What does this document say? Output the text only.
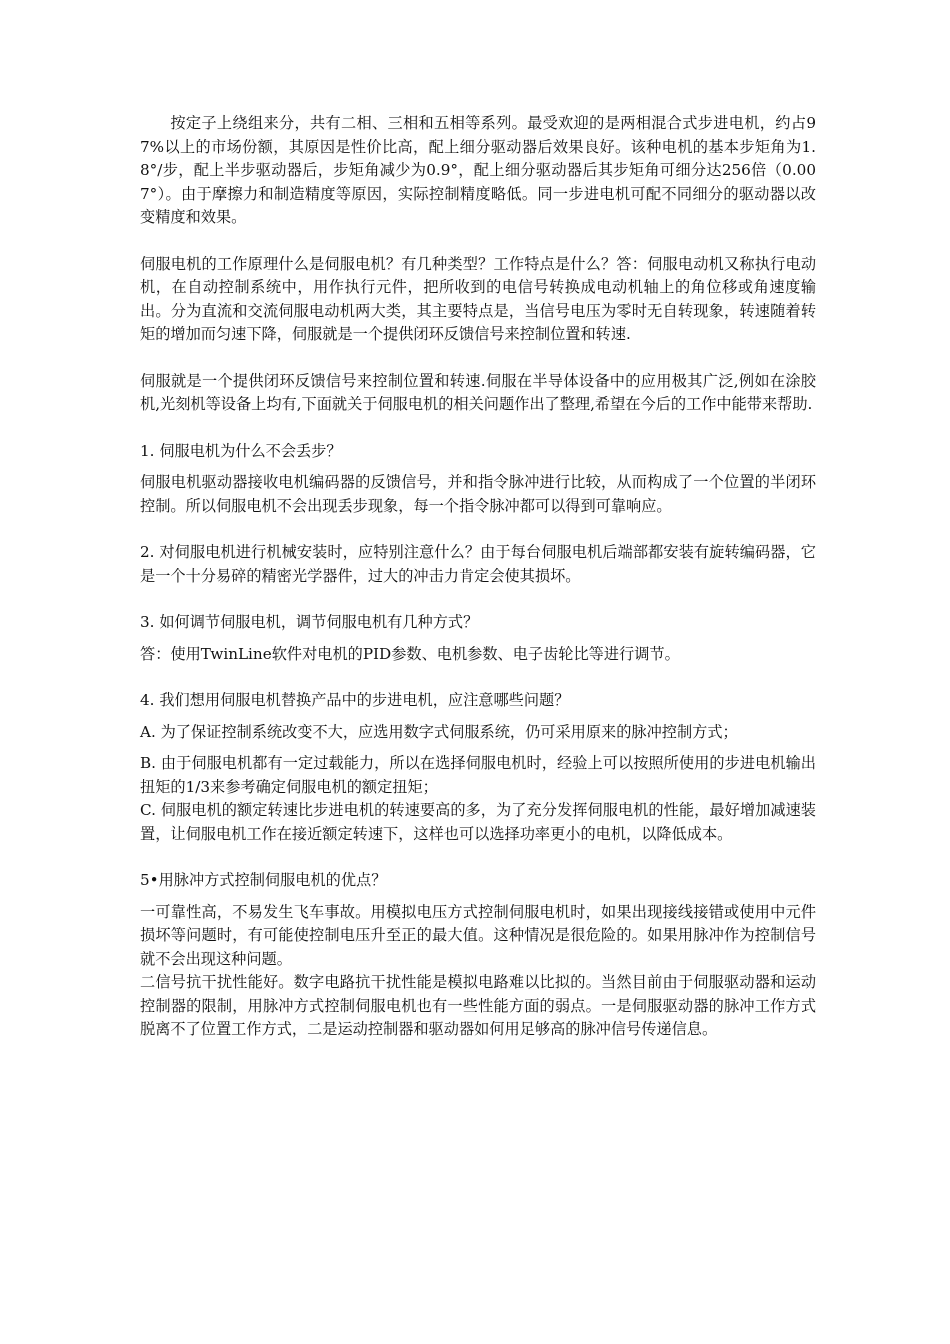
按定子上绕组来分，共有二相、三相和五相等系列。最受欢迎的是两相混合式步进电机，约占97%以上的市场份额，其原因是性价比高，配上细分驱动器后效果良好。该种电机的基本步矩角为1.8°/步，配上半步驱动器后，步矩角减少为0.9°，配上细分驱动器后其步矩角可细分达256倍（0.007°）。由于摩擦力和制造精度等原因，实际控制精度略低。同一步进电机可配不同细分的驱动器以改变精度和效果。

伺服电机的工作原理什么是伺服电机？有几种类型？工作特点是什么？答：伺服电动机又称执行电动机，在自动控制系统中，用作执行元件，把所收到的电信号转换成电动机轴上的角位移或角速度输出。分为直流和交流伺服电动机两大类，其主要特点是，当信号电压为零时无自转现象，转速随着转矩的增加而匀速下降，伺服就是一个提供闭环反馈信号来控制位置和转速.

伺服就是一个提供闭环反馈信号来控制位置和转速.伺服在半导体设备中的应用极其广泛,例如在涂胶机,光刻机等设备上均有,下面就关于伺服电机的相关问题作出了整理,希望在今后的工作中能带来帮助.

1. 伺服电机为什么不会丢步？

伺服电机驱动器接收电机编码器的反馈信号，并和指令脉冲进行比较，从而构成了一个位置的半闭环控制。所以伺服电机不会出现丢步现象，每一个指令脉冲都可以得到可靠响应。

2. 对伺服电机进行机械安装时，应特别注意什么？由于每台伺服电机后端部都安装有旋转编码器，它是一个十分易碎的精密光学器件，过大的冲击力肯定会使其损坏。

3. 如何调节伺服电机，调节伺服电机有几种方式？

答：使用TwinLine软件对电机的PID参数、电机参数、电子齿轮比等进行调节。

4. 我们想用伺服电机替换产品中的步进电机，应注意哪些问题？

A. 为了保证控制系统改变不大，应选用数字式伺服系统，仍可采用原来的脉冲控制方式；

B. 由于伺服电机都有一定过载能力，所以在选择伺服电机时，经验上可以按照所使用的步进电机输出扭矩的1/3来参考确定伺服电机的额定扭矩；

C. 伺服电机的额定转速比步进电机的转速要高的多，为了充分发挥伺服电机的性能，最好增加减速装置，让伺服电机工作在接近额定转速下，这样也可以选择功率更小的电机，以降低成本。

5•用脉冲方式控制伺服电机的优点？

一可靠性高，不易发生飞车事故。用模拟电压方式控制伺服电机时，如果出现接线接错或使用中元件损坏等问题时，有可能使控制电压升至正的最大值。这种情况是很危险的。如果用脉冲作为控制信号就不会出现这种问题。

二信号抗干扰性能好。数字电路抗干扰性能是模拟电路难以比拟的。当然目前由于伺服驱动器和运动控制器的限制，用脉冲方式控制伺服电机也有一些性能方面的弱点。一是伺服驱动器的脉冲工作方式脱离不了位置工作方式，二是运动控制器和驱动器如何用足够高的脉冲信号传递信息。
